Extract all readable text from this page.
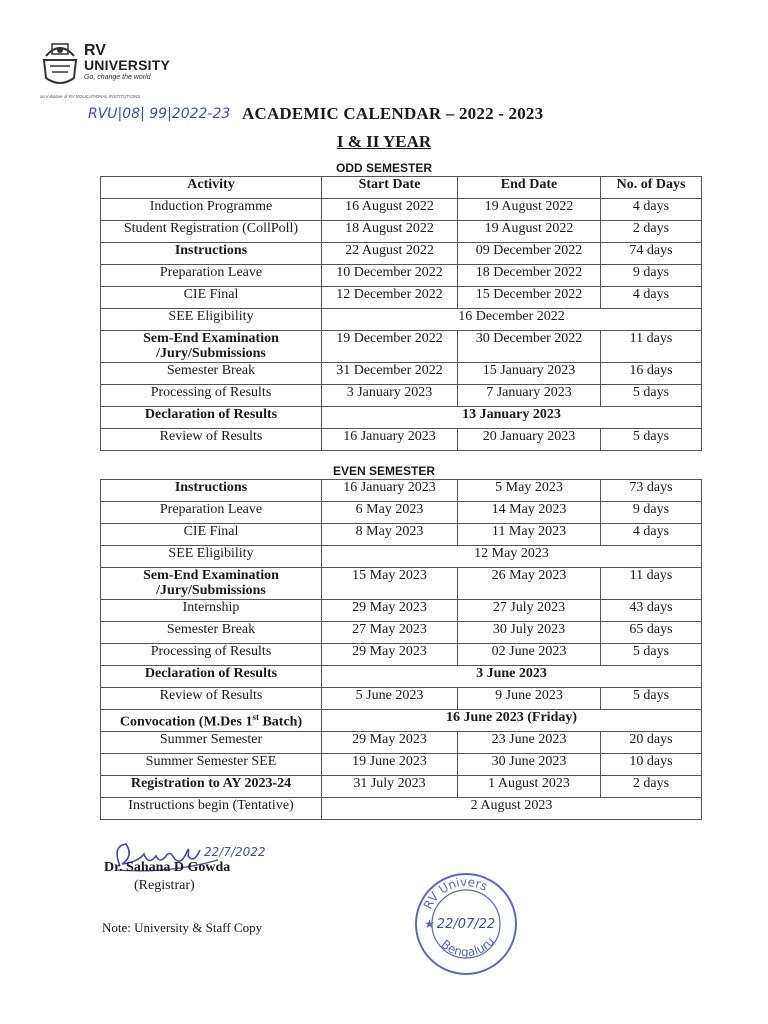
RV
UNIVERSITY
Go, change the world
an initiative of RV EDUCATIONAL INSTITUTIONS
RVU|08| 99|2022-23 ACADEMIC CALENDAR – 2022 - 2023
I & II YEAR
ODD SEMESTER
Activity	Start Date	End Date	No. of Days
Induction Programme	16 August 2022	19 August 2022	4 days
Student Registration (CollPoll)	18 August 2022	19 August 2022	2 days
Instructions	22 August 2022	09 December 2022	74 days
Preparation Leave	10 December 2022	18 December 2022	9 days
CIE Final	12 December 2022	15 December 2022	4 days
SEE Eligibility	16 December 2022		
Sem-End Examination /Jury/Submissions	19 December 2022	30 December 2022	11 days
Semester Break	31 December 2022	15 January 2023	16 days
Processing of Results	3 January 2023	7 January 2023	5 days
Declaration of Results	13 January 2023		
Review of Results	16 January 2023	20 January 2023	5 days
EVEN SEMESTER
Instructions	16 January 2023	5 May 2023	73 days
Preparation Leave	6 May 2023	14 May 2023	9 days
CIE Final	8 May 2023	11 May 2023	4 days
SEE Eligibility	12 May 2023		
Sem-End Examination /Jury/Submissions	15 May 2023	26 May 2023	11 days
Internship	29 May 2023	27 July 2023	43 days
Semester Break	27 May 2023	30 July 2023	65 days
Processing of Results	29 May 2023	02 June 2023	5 days
Declaration of Results	3 June 2023		
Review of Results	5 June 2023	9 June 2023	5 days
Convocation (M.Des 1st Batch)	16 June 2023 (Friday)		
Summer Semester	29 May 2023	23 June 2023	20 days
Summer Semester SEE	19 June 2023	30 June 2023	10 days
Registration to AY 2023-24	31 July 2023	1 August 2023	2 days
Instructions begin (Tentative)	2 August 2023		
22/7/2022
Dr. Sahana D Gowda
(Registrar)
Note: University & Staff Copy
RV Univers
Bengaluru
★ 22/07/22
